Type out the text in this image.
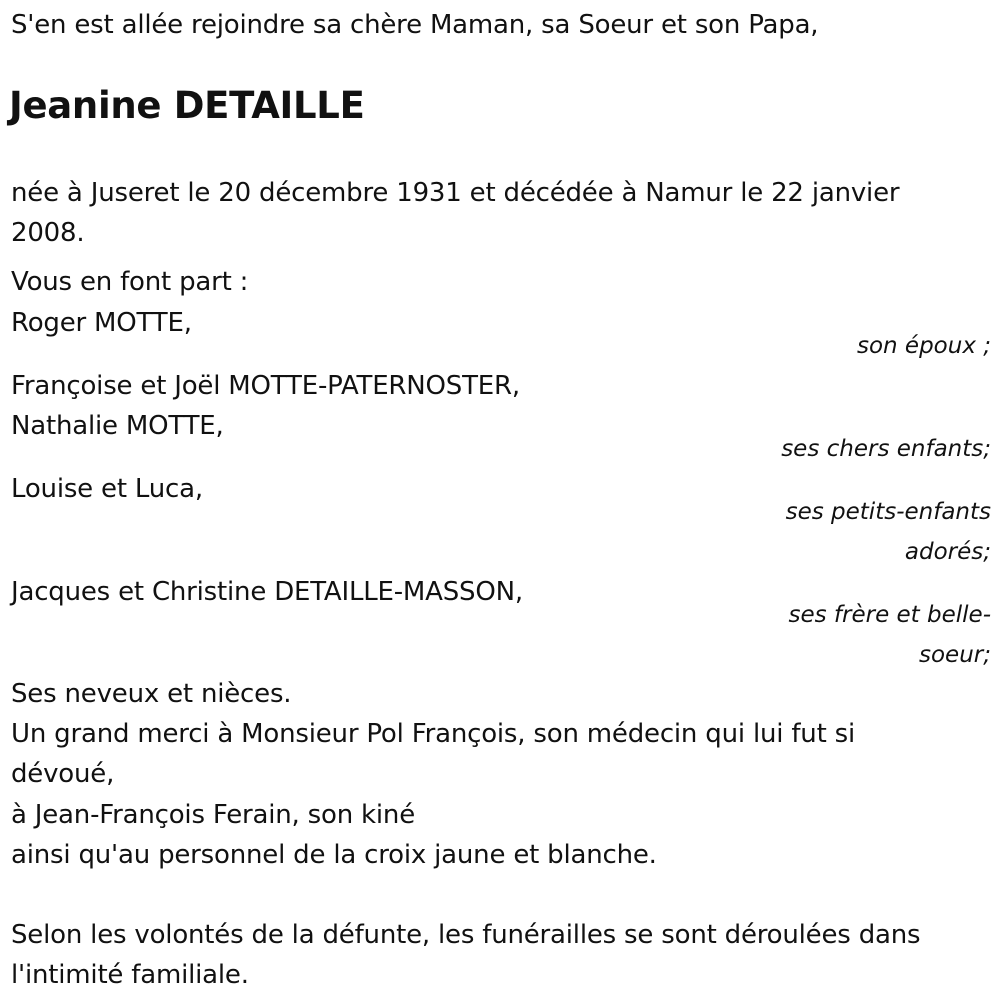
S'en est allée rejoindre sa chère Maman, sa Soeur et son Papa,
Jeanine DETAILLE
née à Juseret le 20 décembre 1931 et décédée à Namur le 22 janvier
2008.
Vous en font part :
Roger MOTTE,
son époux ;
Françoise et Joël MOTTE-PATERNOSTER,
Nathalie MOTTE,
ses chers enfants;
Louise et Luca,
ses petits-enfants
adorés;
Jacques et Christine DETAILLE-MASSON,
ses frère et belle-
soeur;
Ses neveux et nièces.
Un grand merci à Monsieur Pol François, son médecin qui lui fut si
dévoué,
à Jean-François Ferain, son kiné
ainsi qu'au personnel de la croix jaune et blanche.
Selon les volontés de la défunte, les funérailles se sont déroulées dans
l'intimité familiale.
